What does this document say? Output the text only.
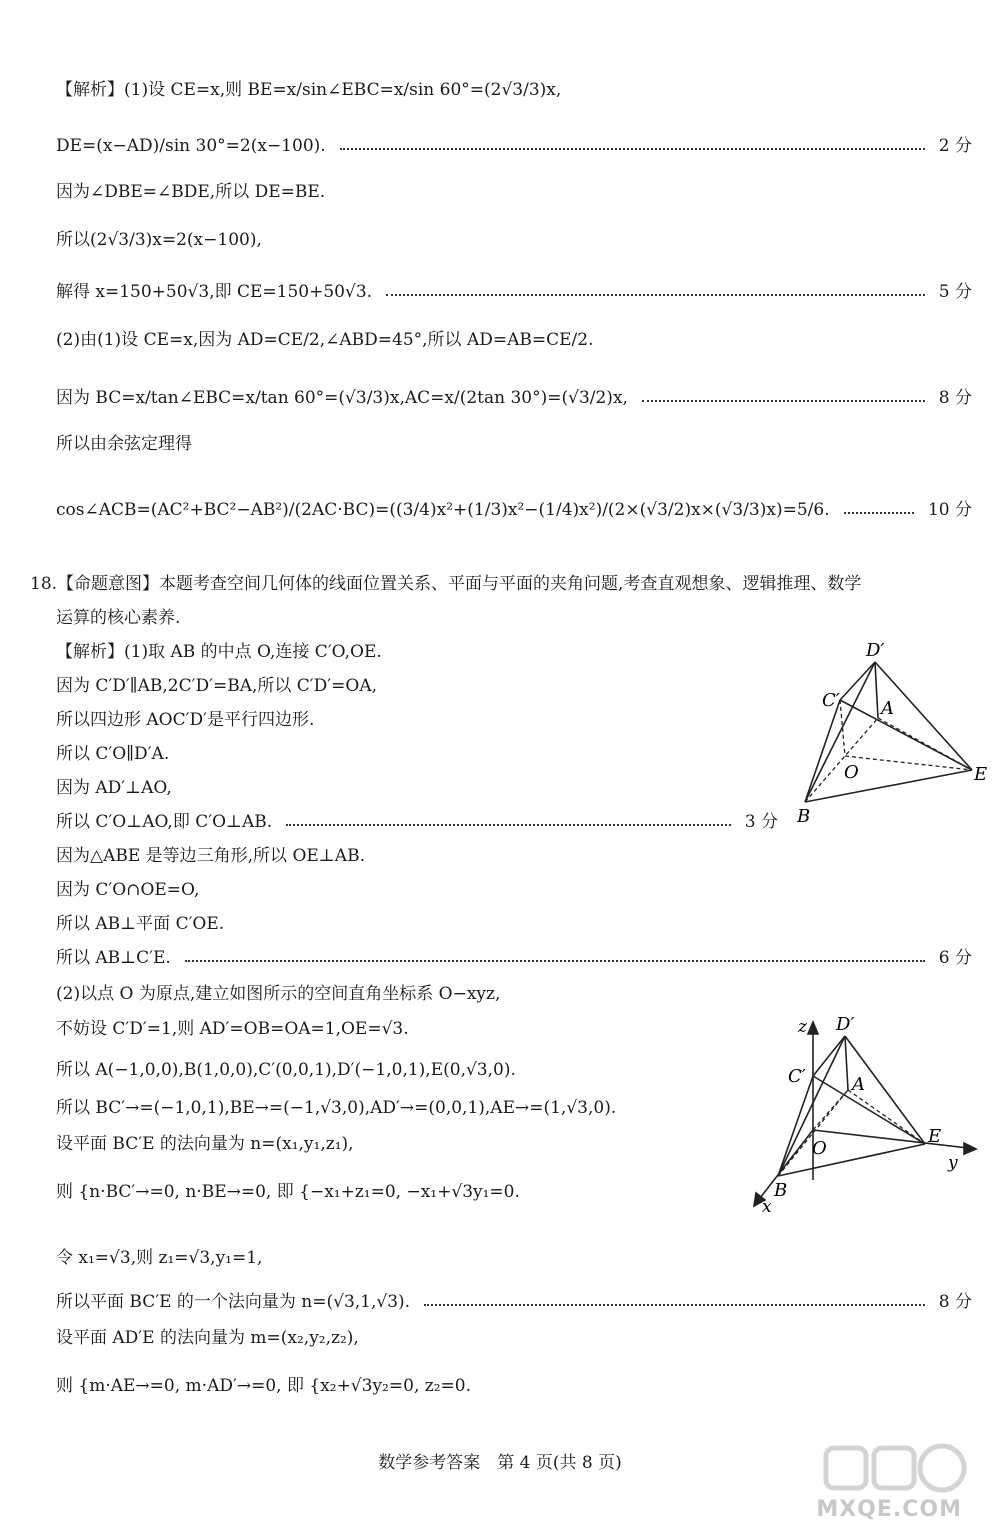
【解析】(1)设 CE=x,则 BE=x/sin∠EBC=x/sin 60°=(2√3/3)x,
DE=(x−AD)/sin 30°=2(x−100).	2 分
因为∠DBE=∠BDE,所以 DE=BE.
所以(2√3/3)x=2(x−100),
解得 x=150+50√3,即 CE=150+50√3.	5 分
(2)由(1)设 CE=x,因为 AD=CE/2,∠ABD=45°,所以 AD=AB=CE/2.
因为 BC=x/tan∠EBC=x/tan 60°=(√3/3)x,AC=x/(2tan 30°)=(√3/2)x,	8 分
所以由余弦定理得
cos∠ACB=(AC²+BC²−AB²)/(2AC·BC)=((3/4)x²+(1/3)x²−(1/4)x²)/(2×(√3/2)x×(√3/3)x)=5/6.	10 分
18.【命题意图】本题考查空间几何体的线面位置关系、平面与平面的夹角问题,考查直观想象、逻辑推理、数学
运算的核心素养.
【解析】(1)取 AB 的中点 O,连接 C′O,OE.
因为 C′D′∥AB,2C′D′=BA,所以 C′D′=OA,
所以四边形 AOC′D′是平行四边形.
所以 C′O∥D′A.
因为 AD′⊥AO,
所以 C′O⊥AO,即 C′O⊥AB.	3 分
因为△ABE 是等边三角形,所以 OE⊥AB.
因为 C′O∩OE=O,
所以 AB⊥平面 C′OE.
所以 AB⊥C′E.	6 分
(2)以点 O 为原点,建立如图所示的空间直角坐标系 O−xyz,
不妨设 C′D′=1,则 AD′=OB=OA=1,OE=√3.
所以 A(−1,0,0),B(1,0,0),C′(0,0,1),D′(−1,0,1),E(0,√3,0).
所以 BC′→=(−1,0,1),BE→=(−1,√3,0),AD′→=(0,0,1),AE→=(1,√3,0).
设平面 BC′E 的法向量为 n=(x₁,y₁,z₁),
则 {n·BC′→=0, n·BE→=0, 即 {−x₁+z₁=0, −x₁+√3y₁=0.
令 x₁=√3,则 z₁=√3,y₁=1,
所以平面 BC′E 的一个法向量为 n=(√3,1,√3).	8 分
设平面 AD′E 的法向量为 m=(x₂,y₂,z₂),
则 {m·AE→=0, m·AD′→=0, 即 {x₂+√3y₂=0, z₂=0.
D′
C′ A
O	E
B
z D′
C′	A
O
E
y
B
x
数学参考答案　第 4 页(共 8 页)
MXQE.COM
